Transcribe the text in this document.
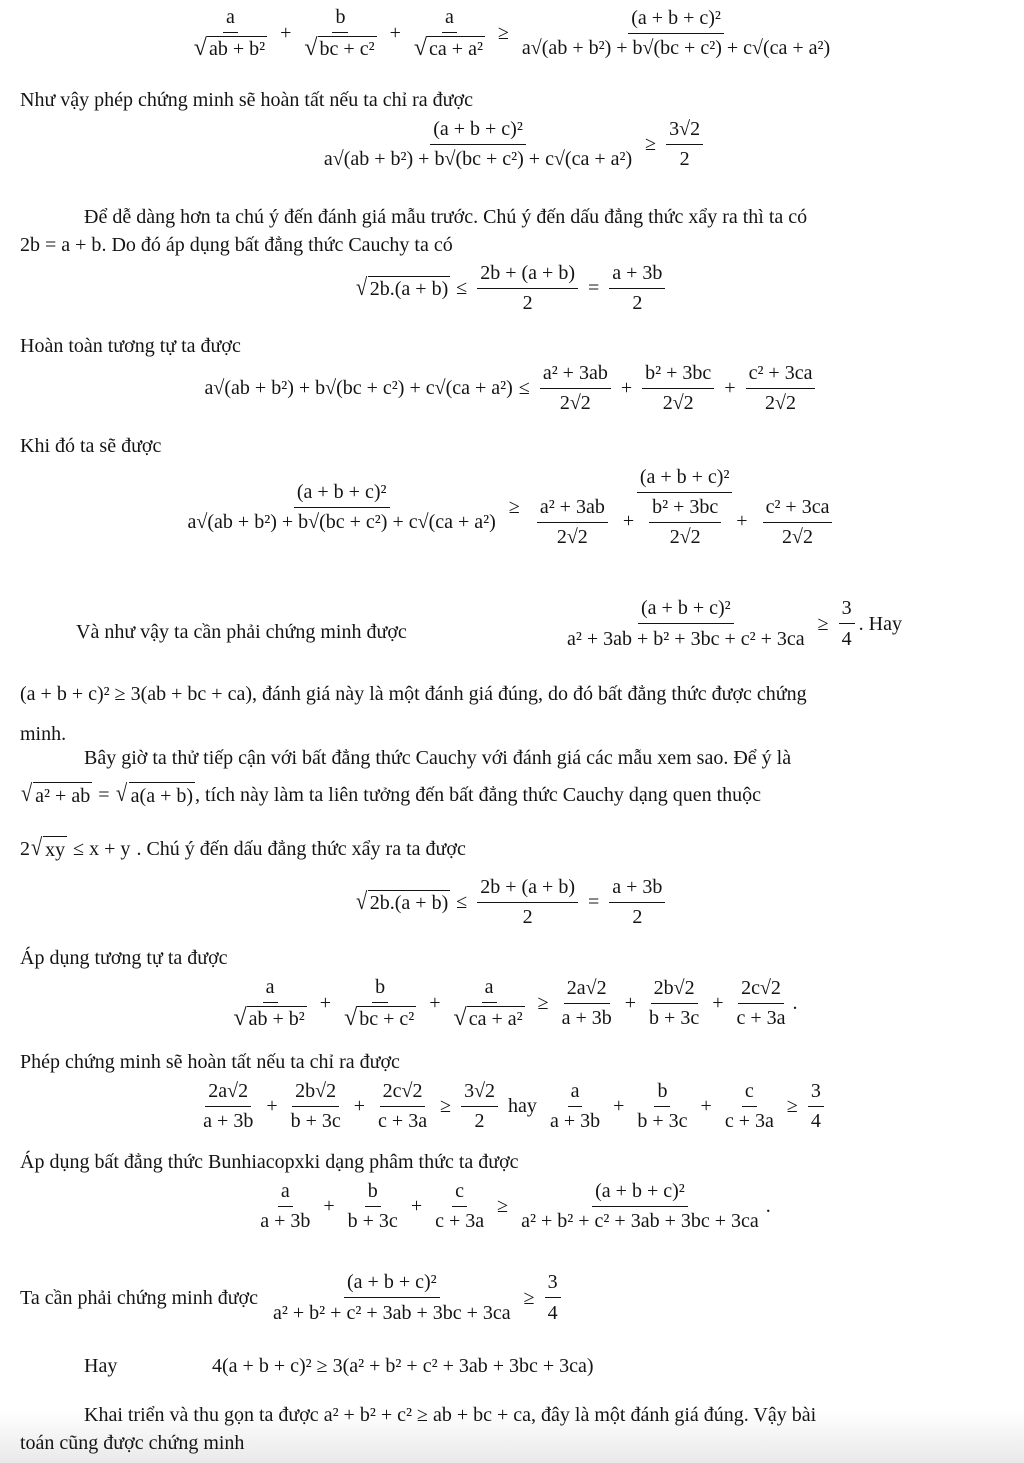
a
√ ab + b²
+ $\frac{b}{\text{√ bc + c²}} + \frac{a}{\text{√ ca + a²}} \ge \frac{\text{(a + b + c)²}}{\text{a√(ab + b²) + b√(bc + c²) + c√(ca + a²)}}$
Như vậy phép chứng minh sẽ hoàn tất nếu ta chỉ ra được
$\frac{\text{(a + b + c)²}}{\text{a√(ab + b²) + b√(bc + c²) + c√(ca + a²)}} \ge \frac{3√2}{2}$
Để dễ dàng hơn ta chú ý đến đánh giá mẫu trước. Chú ý đến dấu đẳng thức xẩy ra thì ta có
2b = a + b. Do đó áp dụng bất đẳng thức Cauchy ta có
√ $2b.(a + b) \le \frac{2b + (a + b)}{2} = \frac{a + 3b}{2}$
Hoàn toàn tương tự ta được
$a√(ab + b^2) + b√(bc + c^2) + c√(ca + a^2) \le \frac{\text{a² + 3ab}}{2√2} + \frac{\text{b² + 3bc}}{2√2} + \frac{\text{c² + 3ca}}{2√2}$
Khi đó ta sẽ được
$\frac{\text{(a + b + c)²}}{\text{a√(ab + b²) + b√(bc + c²) + c√(ca + a²)}}$ ≥
(a + b + c)²
$\frac{\text{a² + 3ab}}{2√2} + \frac{\text{b² + 3bc}}{2√2} + \frac{\text{c² + 3ca}}{2√2}$
Và như vậy ta cần phải chứng minh được	$\frac{\text{(a + b + c)²}}{\text{a² + 3ab + b² + 3bc + c² + 3ca}} \ge \frac{3}{4}$ . Hay
(a + b + c)² ≥ 3(ab + bc + ca), đánh giá này là một đánh giá đúng, do đó bất đẳng thức được chứng
minh.
Bây giờ ta thử tiếp cận với bất đẳng thức Cauchy với đánh giá các mẫu xem sao. Để ý là
√ a² + ab = √ a(a + b) , tích này làm ta liên tưởng đến bất đẳng thức Cauchy dạng quen thuộc
2 √ xy ≤ x + y . Chú ý đến dấu đẳng thức xẩy ra ta được
√ $2b.(a + b) \le \frac{2b + (a + b)}{2} = \frac{a + 3b}{2}$
Áp dụng tương tự ta được
a
√ ab + b²
+ $\frac{b}{\text{√ bc + c²}} + \frac{a}{\text{√ ca + a²}} \ge \frac{2a√2}{a + 3b} + \frac{2b√2}{b + 3c} + \frac{2c√2}{c + 3a}$ .
Phép chứng minh sẽ hoàn tất nếu ta chỉ ra được
2a√2
a + 3b
+ $\frac{2b√2}{b + 3c} + \frac{2c√2}{c + 3a} \ge \frac{3√2}{2}$ hay
a
a + 3b
+ $\frac{b}{b + 3c} + \frac{c}{c + 3a} \ge \frac{3}{4}$
Áp dụng bất đẳng thức Bunhiacopxki dạng phâm thức ta được
a
a + 3b
+ $\frac{b}{b + 3c} + \frac{c}{c + 3a} \ge \frac{\text{(a + b + c)²}}{\text{a² + b² + c² + 3ab + 3bc + 3ca}}$ .
Ta cần phải chứng minh được $\frac{\text{(a + b + c)²}}{\text{a² + b² + c² + 3ab + 3bc + 3ca}} \ge \frac{3}{4}$
Hay	4(a + b + c)² ≥ 3(a² + b² + c² + 3ab + 3bc + 3ca)
Khai triển và thu gọn ta được a² + b² + c² ≥ ab + bc + ca, đây là một đánh giá đúng. Vậy bài
toán cũng được chứng minh
